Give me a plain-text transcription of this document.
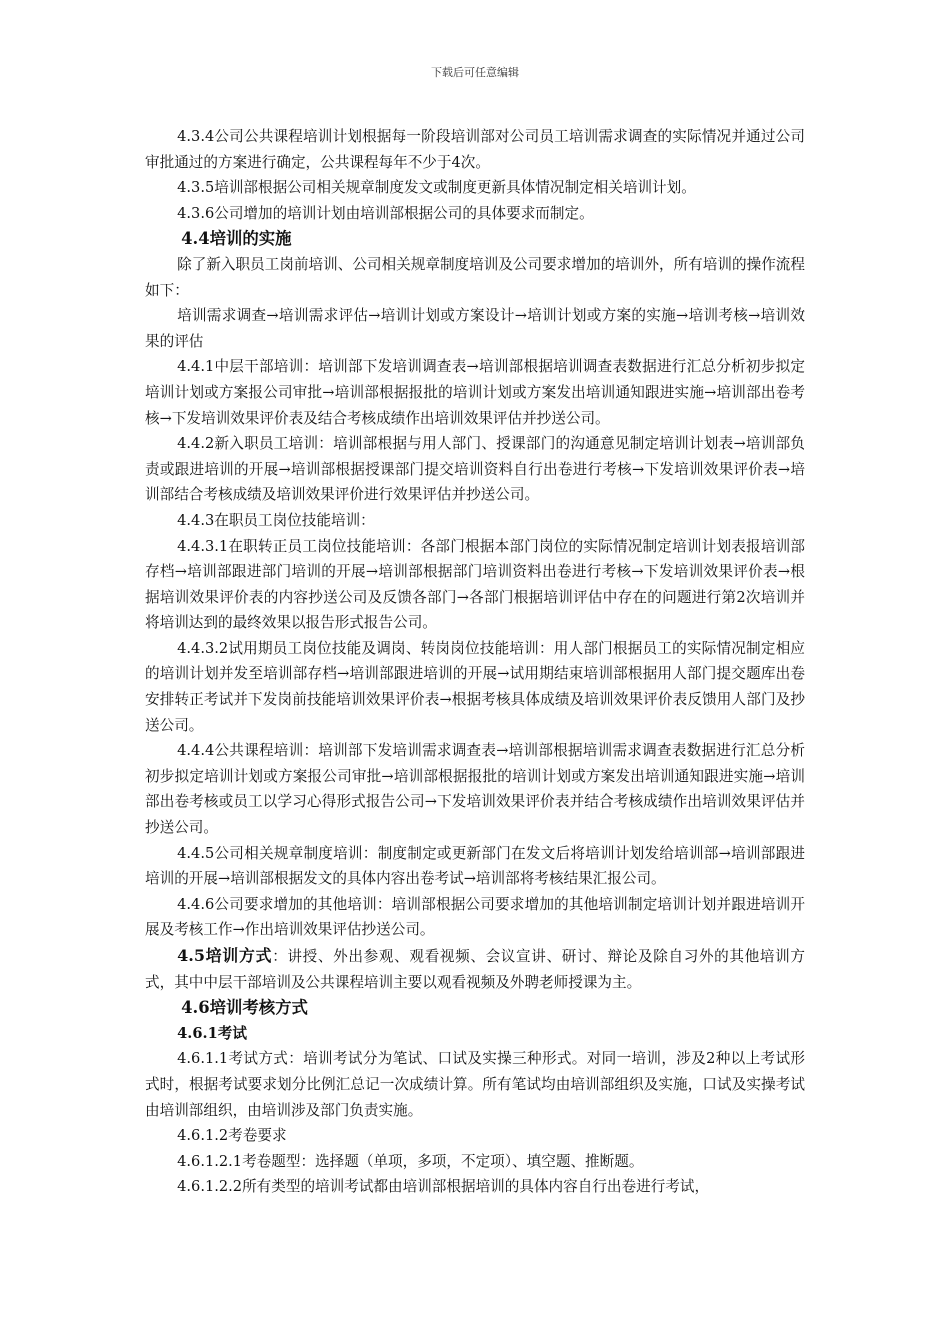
下载后可任意编辑

4.3.4公司公共课程培训计划根据每一阶段培训部对公司员工培训需求调查的实际情况并通过公司审批通过的方案进行确定，公共课程每年不少于4次。

4.3.5培训部根据公司相关规章制度发文或制度更新具体情况制定相关培训计划。

4.3.6公司增加的培训计划由培训部根据公司的具体要求而制定。

4.4培训的实施

除了新入职员工岗前培训、公司相关规章制度培训及公司要求增加的培训外，所有培训的操作流程如下：

培训需求调查→培训需求评估→培训计划或方案设计→培训计划或方案的实施→培训考核→培训效果的评估

4.4.1中层干部培训：培训部下发培训调查表→培训部根据培训调查表数据进行汇总分析初步拟定培训计划或方案报公司审批→培训部根据报批的培训计划或方案发出培训通知跟进实施→培训部出卷考核→下发培训效果评价表及结合考核成绩作出培训效果评估并抄送公司。

4.4.2新入职员工培训：培训部根据与用人部门、授课部门的沟通意见制定培训计划表→培训部负责或跟进培训的开展→培训部根据授课部门提交培训资料自行出卷进行考核→下发培训效果评价表→培训部结合考核成绩及培训效果评价进行效果评估并抄送公司。

4.4.3在职员工岗位技能培训：

4.4.3.1在职转正员工岗位技能培训：各部门根据本部门岗位的实际情况制定培训计划表报培训部存档→培训部跟进部门培训的开展→培训部根据部门培训资料出卷进行考核→下发培训效果评价表→根据培训效果评价表的内容抄送公司及反馈各部门→各部门根据培训评估中存在的问题进行第2次培训并将培训达到的最终效果以报告形式报告公司。

4.4.3.2试用期员工岗位技能及调岗、转岗岗位技能培训：用人部门根据员工的实际情况制定相应的培训计划并发至培训部存档→培训部跟进培训的开展→试用期结束培训部根据用人部门提交题库出卷安排转正考试并下发岗前技能培训效果评价表→根据考核具体成绩及培训效果评价表反馈用人部门及抄送公司。

4.4.4公共课程培训：培训部下发培训需求调查表→培训部根据培训需求调查表数据进行汇总分析初步拟定培训计划或方案报公司审批→培训部根据报批的培训计划或方案发出培训通知跟进实施→培训部出卷考核或员工以学习心得形式报告公司→下发培训效果评价表并结合考核成绩作出培训效果评估并抄送公司。

4.4.5公司相关规章制度培训：制度制定或更新部门在发文后将培训计划发给培训部→培训部跟进培训的开展→培训部根据发文的具体内容出卷考试→培训部将考核结果汇报公司。

4.4.6公司要求增加的其他培训：培训部根据公司要求增加的其他培训制定培训计划并跟进培训开展及考核工作→作出培训效果评估抄送公司。

4.5培训方式：讲授、外出参观、观看视频、会议宣讲、研讨、辩论及除自习外的其他培训方式，其中中层干部培训及公共课程培训主要以观看视频及外聘老师授课为主。

4.6培训考核方式

4.6.1考试

4.6.1.1考试方式：培训考试分为笔试、口试及实操三种形式。对同一培训，涉及2种以上考试形式时，根据考试要求划分比例汇总记一次成绩计算。所有笔试均由培训部组织及实施，口试及实操考试由培训部组织，由培训涉及部门负责实施。

4.6.1.2考卷要求

4.6.1.2.1考卷题型：选择题（单项，多项，不定项）、填空题、推断题。

4.6.1.2.2所有类型的培训考试都由培训部根据培训的具体内容自行出卷进行考试，
